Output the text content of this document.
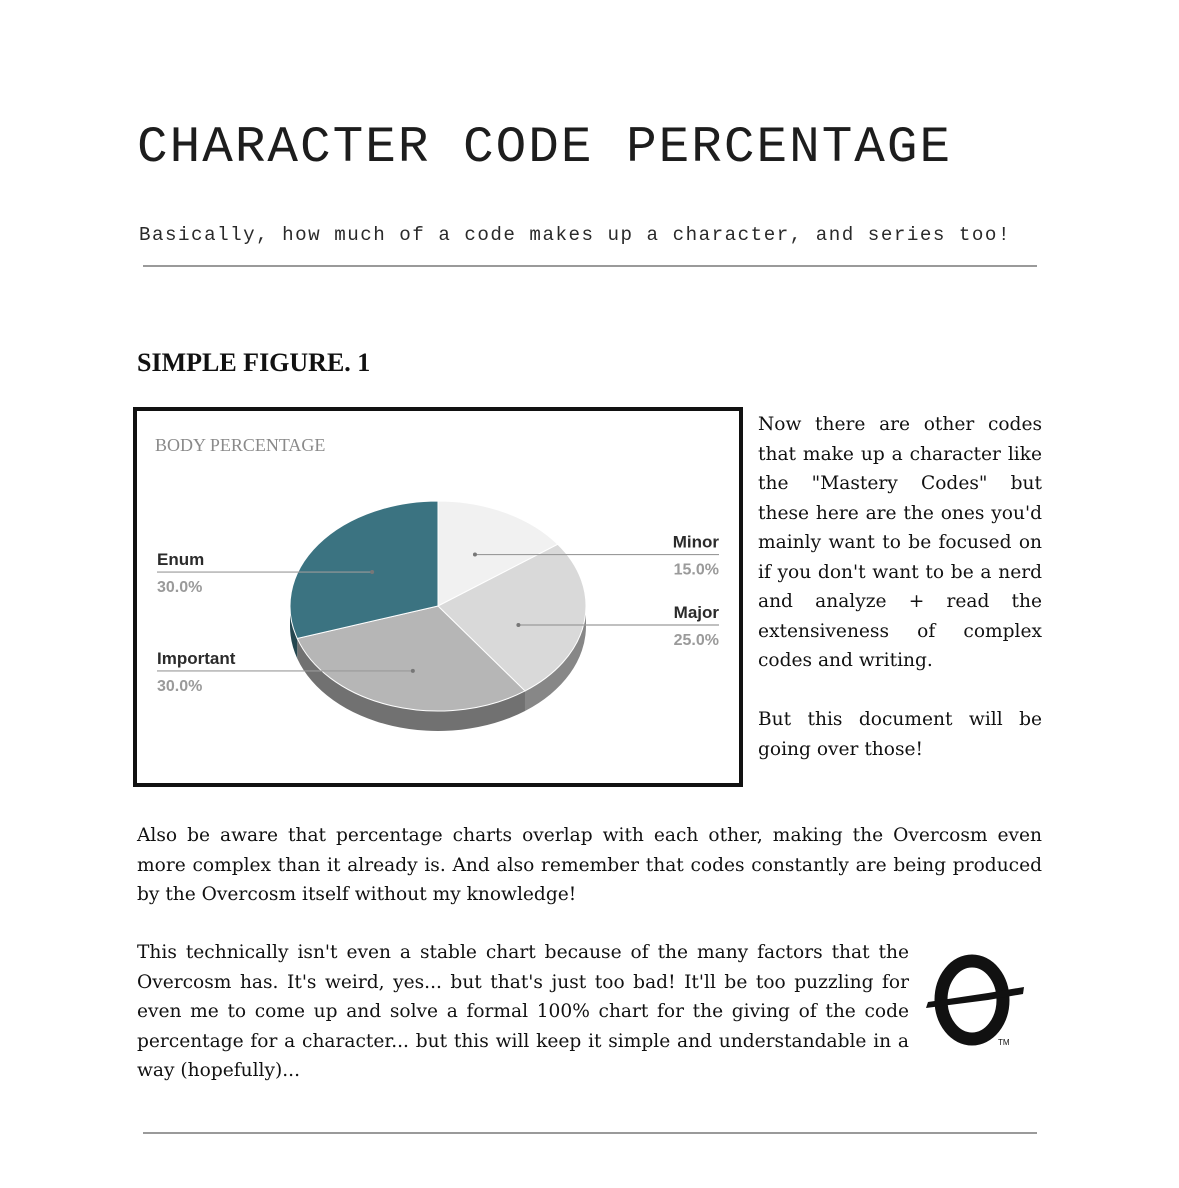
CHARACTER CODE PERCENTAGE
Basically, how much of a code makes up a character, and series too!
SIMPLE FIGURE. 1
BODY PERCENTAGE
Minor
15.0%
Major
25.0%
Important
30.0%
Enum
30.0%

Now there are other codes that make up a character like the "Mastery Codes" but these here are the ones you'd mainly want to be focused on if you don't want to be a nerd and analyze + read the extensiveness of complex codes and writing.

But this document will be going over those!

Also be aware that percentage charts overlap with each other, making the Overcosm even more complex than it already is. And also remember that codes constantly are being produced by the Overcosm itself without my knowledge!
This technically isn't even a stable chart because of the many factors that the Overcosm has. It's weird, yes... but that's just too bad! It'll be too puzzling for even me to come up and solve a formal 100% chart for the giving of the code percentage for a character... but this will keep it simple and understandable in a way (hopefully)...
TM
